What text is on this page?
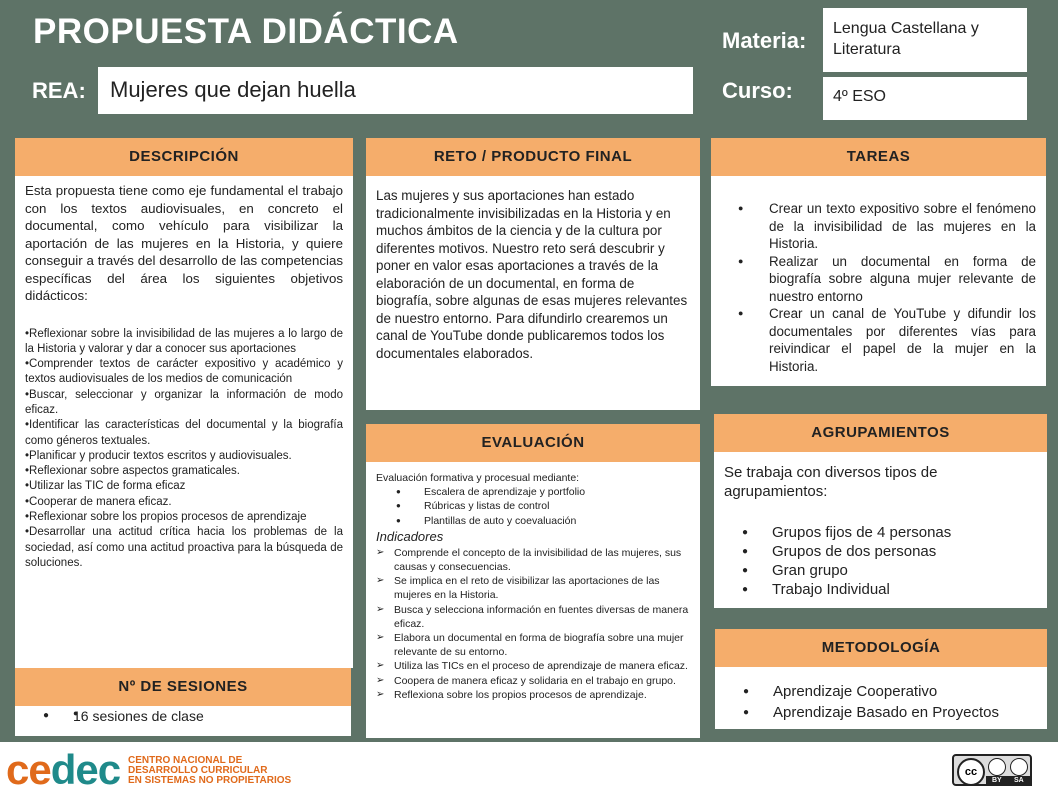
PROPUESTA DIDÁCTICA
REA:	Mujeres que dejan huella
Materia:	Lengua Castellana y Literatura
Curso:	4º ESO
DESCRIPCIÓN
Esta propuesta tiene como eje fundamental el trabajo con los textos audiovisuales, en concreto el documental, como vehículo para visibilizar la aportación de las mujeres en la Historia, y quiere conseguir a través del desarrollo de las competencias específicas del área los siguientes objetivos didácticos:
•Reflexionar sobre la invisibilidad de las mujeres a lo largo de la Historia y valorar y dar a conocer sus aportaciones
•Comprender textos de carácter expositivo y académico y textos audiovisuales de los medios de comunicación
•Buscar, seleccionar y organizar la información de modo eficaz.
•Identificar las características del documental y la biografía como géneros textuales.
•Planificar y producir textos escritos y audiovisuales.
•Reflexionar sobre aspectos gramaticales.
•Utilizar las TIC de forma eficaz
•Cooperar de manera eficaz.
•Reflexionar sobre los propios procesos de aprendizaje
•Desarrollar una actitud crítica hacia los problemas de la sociedad, así como una actitud proactiva para la búsqueda de soluciones.
Nº DE SESIONES
● ● 16 sesiones de clase
RETO / PRODUCTO FINAL
Las mujeres y sus aportaciones han estado tradicionalmente invisibilizadas en la Historia y en muchos ámbitos de la ciencia y de la cultura por diferentes motivos. Nuestro reto será descubrir y poner en valor esas aportaciones a través de la elaboración de un documental, en forma de biografía, sobre algunas de esas mujeres relevantes de nuestro entorno. Para difundirlo crearemos un canal de YouTube donde publicaremos todos los documentales elaborados.
EVALUACIÓN
Evaluación formativa y procesual mediante:
● Escalera de aprendizaje y portfolio
● Rúbricas y listas de control
● Plantillas de auto y coevaluación
Indicadores
➢ Comprende el concepto de la invisibilidad de las mujeres, sus causas y consecuencias.
➢ Se implica en el reto de visibilizar las aportaciones de las mujeres en la Historia.
➢ Busca y selecciona información en fuentes diversas de manera eficaz.
➢ Elabora un documental en forma de biografía sobre una mujer relevante de su entorno.
➢ Utiliza las TICs en el proceso de aprendizaje de manera eficaz.
➢ Coopera de manera eficaz y solidaria en el trabajo en grupo.
➢ Reflexiona sobre los propios procesos de aprendizaje.
TAREAS
● Crear un texto expositivo sobre el fenómeno de la invisibilidad de las mujeres en la Historia.
● Realizar un documental en forma de biografía sobre alguna mujer relevante de nuestro entorno
● Crear un canal de YouTube y difundir los documentales por diferentes vías para reivindicar el papel de la mujer en la Historia.
AGRUPAMIENTOS
Se trabaja con diversos tipos de agrupamientos:
● Grupos fijos de 4 personas
● Grupos de dos personas
● Gran grupo
● Trabajo Individual
METODOLOGÍA
● Aprendizaje Cooperativo
● Aprendizaje Basado en Proyectos
cedec CENTRO NACIONAL DE
DESARROLLO CURRICULAR
EN SISTEMAS NO PROPIETARIOS
cc
BY SA
